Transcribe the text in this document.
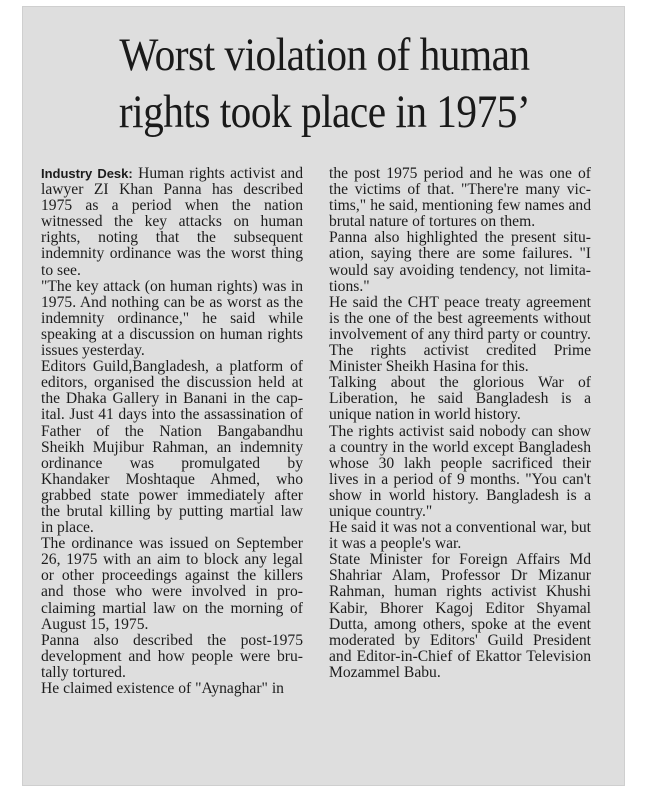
Worst violation of human
rights took place in 1975’

Industry Desk: Human rights activist and lawyer ZI Khan Panna has described 1975 as a period when the nation witnessed the key attacks on human rights, noting that the subsequent indemnity ordinance was the worst thing to see.

"The key attack (on human rights) was in 1975. And nothing can be as worst as the indemnity ordinance," he said while speaking at a discussion on human rights issues yesterday.

Editors Guild,Bangladesh, a platform of editors, organised the discussion held at the Dhaka Gallery in Banani in the capital. Just 41 days into the assassination of Father of the Nation Bangabandhu Sheikh Mujibur Rahman, an indemnity ordinance was promulgated by Khandaker Moshtaque Ahmed, who grabbed state power immediately after the brutal killing by putting martial law in place.

The ordinance was issued on September 26, 1975 with an aim to block any legal or other proceedings against the killers and those who were involved in proclaiming martial law on the morning of August 15, 1975.

Panna also described the post-1975 development and how people were brutally tortured.

He claimed existence of "Aynaghar" in

the post 1975 period and he was one of the victims of that. "There're many victims," he said, mentioning few names and brutal nature of tortures on them.

Panna also highlighted the present situation, saying there are some failures. "I would say avoiding tendency, not limitations."

He said the CHT peace treaty agreement is the one of the best agreements without involvement of any third party or country.

The rights activist credited Prime Minister Sheikh Hasina for this.

Talking about the glorious War of Liberation, he said Bangladesh is a unique nation in world history.

The rights activist said nobody can show a country in the world except Bangladesh whose 30 lakh people sacrificed their lives in a period of 9 months. "You can't show in world history. Bangladesh is a unique country."

He said it was not a conventional war, but it was a people's war.

State Minister for Foreign Affairs Md Shahriar Alam, Professor Dr Mizanur Rahman, human rights activist Khushi Kabir, Bhorer Kagoj Editor Shyamal Dutta, among others, spoke at the event moderated by Editors' Guild President and Editor-in-Chief of Ekattor Television Mozammel Babu.
